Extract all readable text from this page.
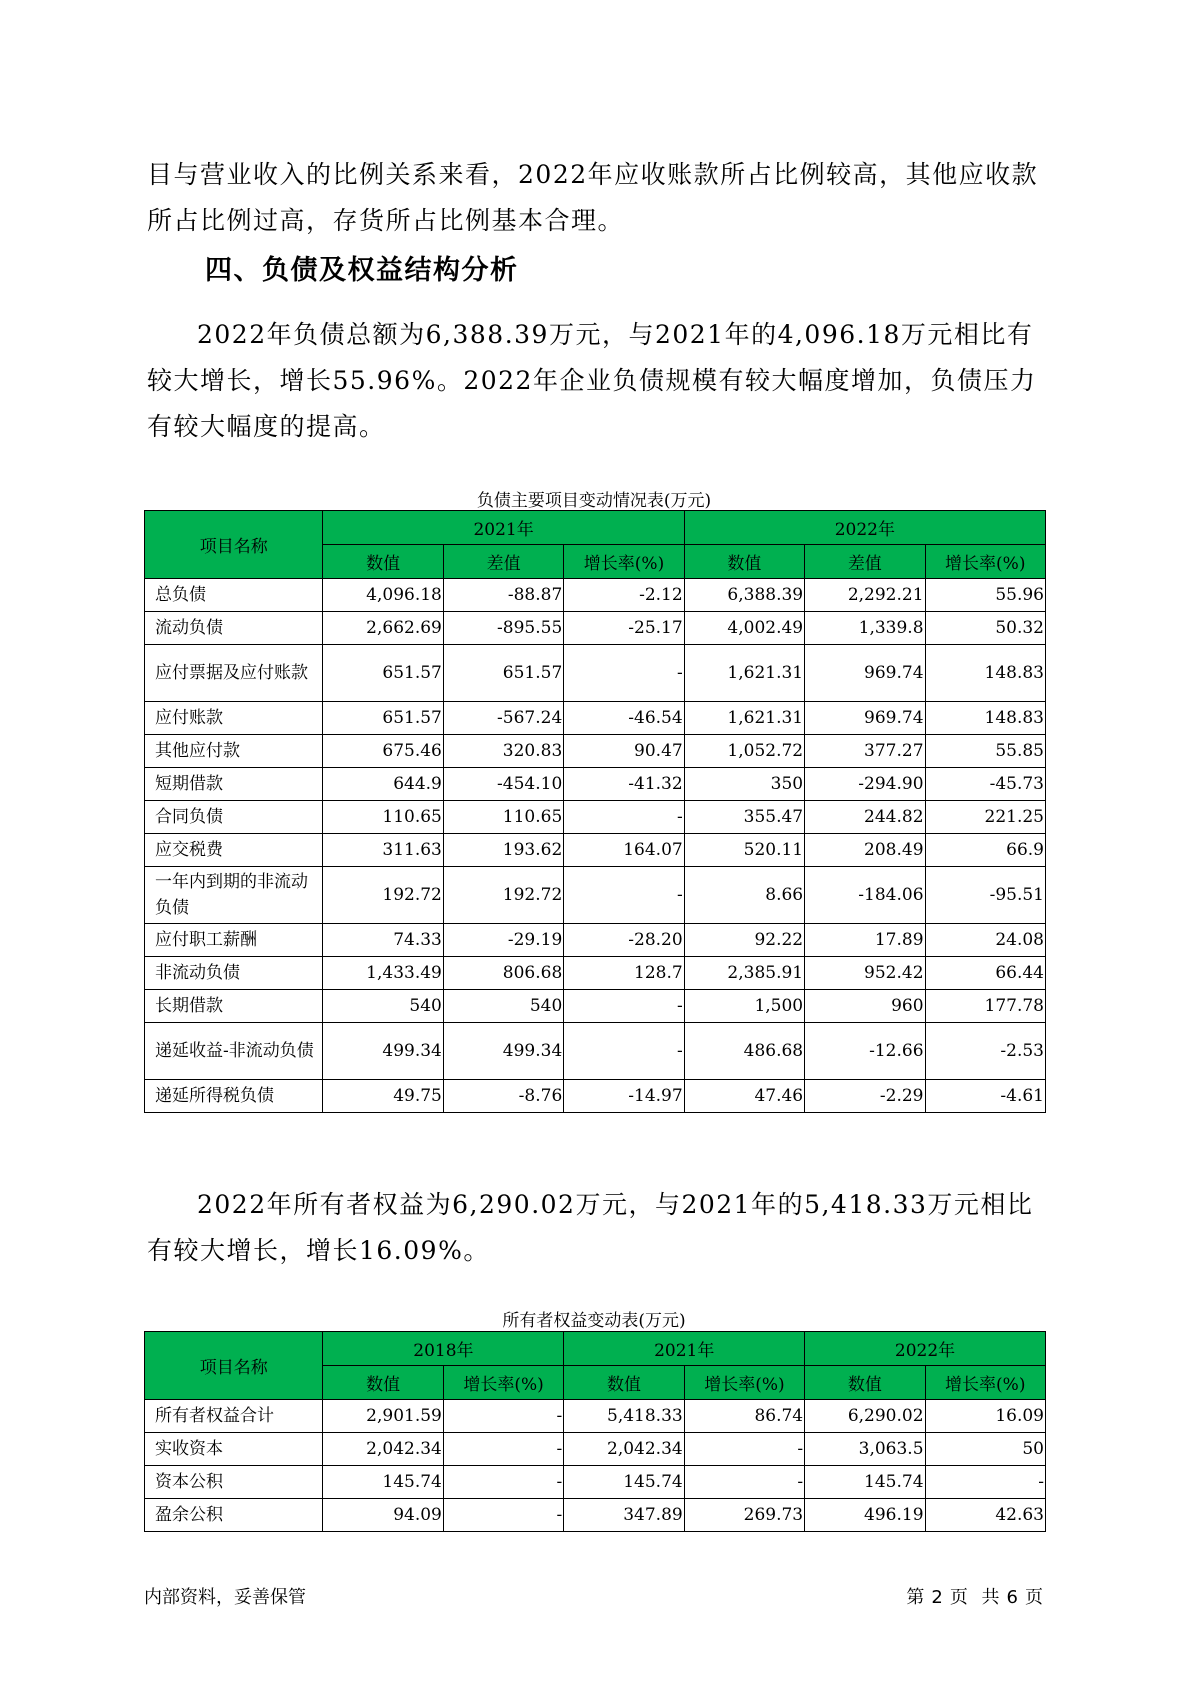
目与营业收入的比例关系来看，2022年应收账款所占比例较高，其他应收款所占比例过高，存货所占比例基本合理。

四、负债及权益结构分析

2022年负债总额为6,388.39万元，与2021年的4,096.18万元相比有较大增长，增长55.96%。2022年企业负债规模有较大幅度增加，负债压力有较大幅度的提高。

负债主要项目变动情况表(万元)

项目名称	2021年			2022年		
	数值	差值	增长率(%)	数值	差值	增长率(%)
总负债	4,096.18	-88.87	-2.12	6,388.39	2,292.21	55.96
流动负债	2,662.69	-895.55	-25.17	4,002.49	1,339.8	50.32
应付票据及应付账款	651.57	651.57	-	1,621.31	969.74	148.83
应付账款	651.57	-567.24	-46.54	1,621.31	969.74	148.83
其他应付款	675.46	320.83	90.47	1,052.72	377.27	55.85
短期借款	644.9	-454.10	-41.32	350	-294.90	-45.73
合同负债	110.65	110.65	-	355.47	244.82	221.25
应交税费	311.63	193.62	164.07	520.11	208.49	66.9
一年内到期的非流动负债	192.72	192.72	-	8.66	-184.06	-95.51
应付职工薪酬	74.33	-29.19	-28.20	92.22	17.89	24.08
非流动负债	1,433.49	806.68	128.7	2,385.91	952.42	66.44
长期借款	540	540	-	1,500	960	177.78
递延收益-非流动负债	499.34	499.34	-	486.68	-12.66	-2.53
递延所得税负债	49.75	-8.76	-14.97	47.46	-2.29	-4.61

2022年所有者权益为6,290.02万元，与2021年的5,418.33万元相比有较大增长，增长16.09%。

所有者权益变动表(万元)

项目名称	2018年		2021年		2022年	
	数值	增长率(%)	数值	增长率(%)	数值	增长率(%)
所有者权益合计	2,901.59	-	5,418.33	86.74	6,290.02	16.09
实收资本	2,042.34	-	2,042.34	-	3,063.5	50
资本公积	145.74	-	145.74	-	145.74	-
盈余公积	94.09	-	347.89	269.73	496.19	42.63

内部资料，妥善保管	第 2 页 共 6 页
